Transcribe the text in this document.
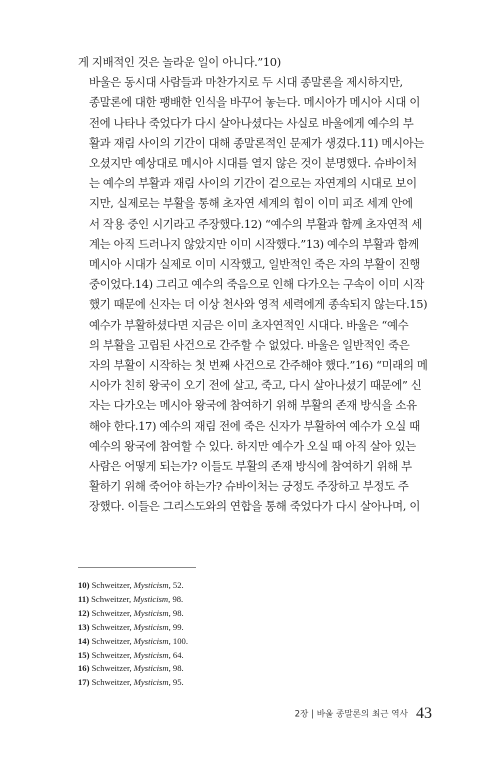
게 지배적인 것은 놀라운 일이 아니다.”10)

바울은 동시대 사람들과 마찬가지로 두 시대 종말론을 제시하지만,
종말론에 대한 팽배한 인식을 바꾸어 놓는다. 메시아가 메시아 시대 이
전에 나타나 죽었다가 다시 살아나셨다는 사실로 바울에게 예수의 부
활과 재림 사이의 기간이 대해 종말론적인 문제가 생겼다.11) 메시아는
오셨지만 예상대로 메시아 시대를 열지 않은 것이 분명했다. 슈바이처
는 예수의 부활과 재림 사이의 기간이 겉으로는 자연계의 시대로 보이
지만, 실제로는 부활을 통해 초자연 세계의 힘이 이미 피조 세계 안에
서 작용 중인 시기라고 주장했다.12) “예수의 부활과 함께 초자연적 세
계는 아직 드러나지 않았지만 이미 시작했다.”13) 예수의 부활과 함께
메시아 시대가 실제로 이미 시작했고, 일반적인 죽은 자의 부활이 진행
중이었다.14) 그리고 예수의 죽음으로 인해 다가오는 구속이 이미 시작
했기 때문에 신자는 더 이상 천사와 영적 세력에게 종속되지 않는다.15)

예수가 부활하셨다면 지금은 이미 초자연적인 시대다. 바울은 “예수
의 부활을 고립된 사건으로 간주할 수 없었다. 바울은 일반적인 죽은
자의 부활이 시작하는 첫 번째 사건으로 간주해야 했다.”16) “미래의 메
시아가 친히 왕국이 오기 전에 살고, 죽고, 다시 살아나셨기 때문에” 신
자는 다가오는 메시아 왕국에 참여하기 위해 부활의 존재 방식을 소유
해야 한다.17) 예수의 재림 전에 죽은 신자가 부활하여 예수가 오실 때
예수의 왕국에 참여할 수 있다. 하지만 예수가 오실 때 아직 살아 있는
사람은 어떻게 되는가? 이들도 부활의 존재 방식에 참여하기 위해 부
활하기 위해 죽어야 하는가? 슈바이처는 긍정도 주장하고 부정도 주
장했다. 이들은 그리스도와의 연합을 통해 죽었다가 다시 살아나며, 이

10) Schweitzer, Mysticism, 52.
11) Schweitzer, Mysticism, 98.
12) Schweitzer, Mysticism, 98.
13) Schweitzer, Mysticism, 99.
14) Schweitzer, Mysticism, 100.
15) Schweitzer, Mysticism, 64.
16) Schweitzer, Mysticism, 98.
17) Schweitzer, Mysticism, 95.
2장 | 바울 종말론의 최근 역사 43
